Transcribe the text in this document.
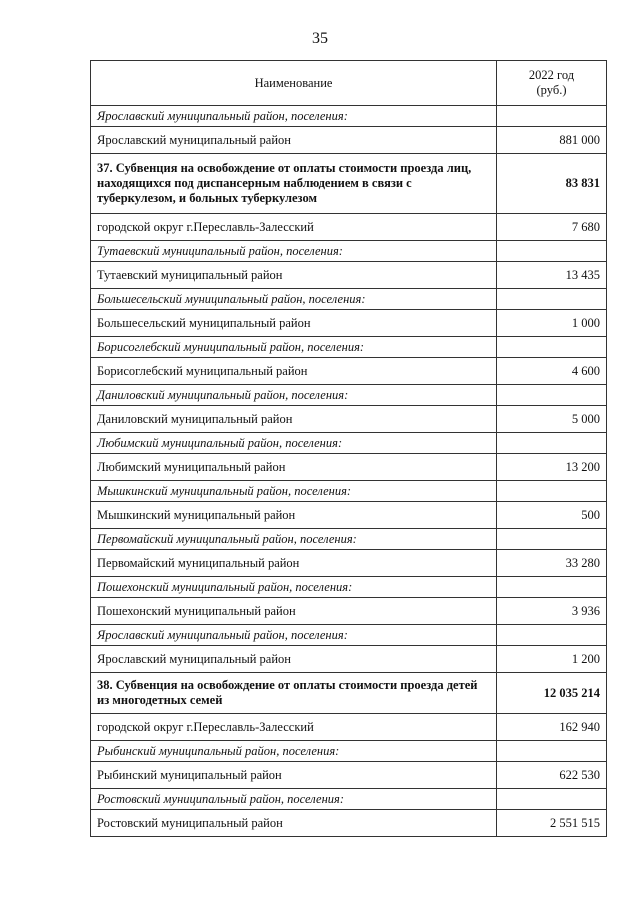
35
Наименование	2022 год
(руб.)
Ярославский муниципальный район, поселения:	
Ярославский муниципальный район	881 000
37. Субвенция на освобождение от оплаты стоимости проезда лиц, находящихся под диспансерным наблюдением в связи с туберкулезом, и больных туберкулезом	83 831
городской округ г.Переславль-Залесский	7 680
Тутаевский муниципальный район, поселения:	
Тутаевский муниципальный район	13 435
Большесельский муниципальный район, поселения:	
Большесельский муниципальный район	1 000
Борисоглебский муниципальный район, поселения:	
Борисоглебский муниципальный район	4 600
Даниловский муниципальный район, поселения:	
Даниловский муниципальный район	5 000
Любимский муниципальный район, поселения:	
Любимский муниципальный район	13 200
Мышкинский муниципальный район, поселения:	
Мышкинский муниципальный район	500
Первомайский муниципальный район, поселения:	
Первомайский муниципальный район	33 280
Пошехонский муниципальный район, поселения:	
Пошехонский муниципальный район	3 936
Ярославский муниципальный район, поселения:	
Ярославский муниципальный район	1 200
38. Субвенция на освобождение от оплаты стоимости проезда детей из многодетных семей	12 035 214
городской округ г.Переславль-Залесский	162 940
Рыбинский муниципальный район, поселения:	
Рыбинский муниципальный район	622 530
Ростовский муниципальный район, поселения:	
Ростовский муниципальный район	2 551 515
